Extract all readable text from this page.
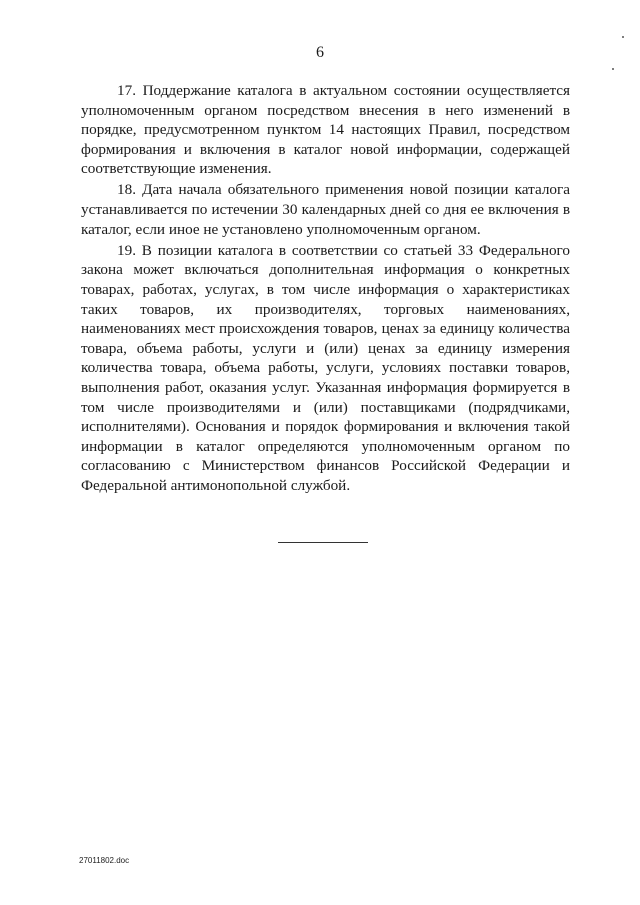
6

17. Поддержание каталога в актуальном состоянии осуществляется уполномоченным органом посредством внесения в него изменений в порядке, предусмотренном пунктом 14 настоящих Правил, посредством формирования и включения в каталог новой информации, содержащей соответствующие изменения.

18. Дата начала обязательного применения новой позиции каталога устанавливается по истечении 30 календарных дней со дня ее включения в каталог, если иное не установлено уполномоченным органом.

19. В позиции каталога в соответствии со статьей 33 Федерального закона может включаться дополнительная информация о конкретных товарах, работах, услугах, в том числе информация о характеристиках таких товаров, их производителях, торговых наименованиях, наименованиях мест происхождения товаров, ценах за единицу количества товара, объема работы, услуги и (или) ценах за единицу измерения количества товара, объема работы, услуги, условиях поставки товаров, выполнения работ, оказания услуг. Указанная информация формируется в том числе производителями и (или) поставщиками (подрядчиками, исполнителями). Основания и порядок формирования и включения такой информации в каталог определяются уполномоченным органом по согласованию с Министерством финансов Российской Федерации и Федеральной антимонопольной службой.

27011802.doc
